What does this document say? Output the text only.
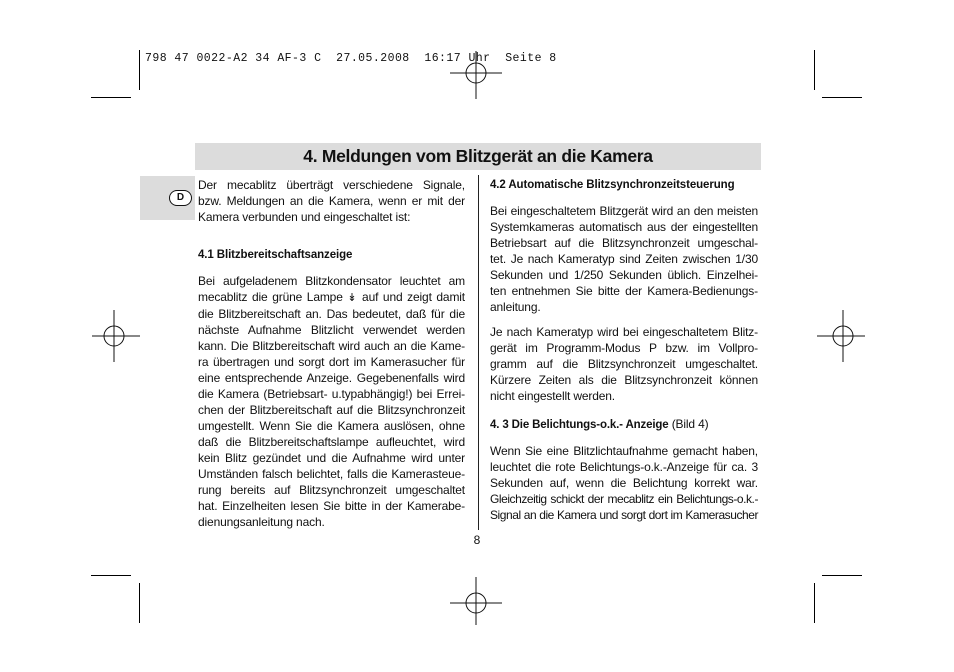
798 47 0022-A2 34 AF-3 C  27.05.2008  16:17 Uhr  Seite 8
4. Meldungen vom Blitzgerät an die Kamera
D

Der mecablitz überträgt verschiedene Signale,

bzw. Meldungen an die Kamera, wenn er mit der

Kamera verbunden und eingeschaltet ist:

4.1 Blitzbereitschaftsanzeige

Bei aufgeladenem Blitzkondensator leuchtet am

mecablitz die grüne Lampe ↡ auf und zeigt damit

die Blitzbereitschaft an. Das bedeutet, daß für die

nächste Aufnahme Blitzlicht verwendet werden

kann. Die Blitzbereitschaft wird auch an die Kame-

ra übertragen und sorgt dort im Kamerasucher für

eine entsprechende Anzeige. Gegebenenfalls wird

die Kamera (Betriebsart- u.typabhängig!) bei Errei-

chen der Blitzbereitschaft auf die Blitzsynchronzeit

umgestellt. Wenn Sie die Kamera auslösen, ohne

daß die Blitzbereitschaftslampe aufleuchtet, wird

kein Blitz gezündet und die Aufnahme wird unter

Umständen falsch belichtet, falls die Kamerasteue-

rung bereits auf Blitzsynchronzeit umgeschaltet

hat. Einzelheiten lesen Sie bitte in der Kamerabe-

dienungsanleitung nach.

4.2 Automatische Blitzsynchronzeitsteuerung

Bei eingeschaltetem Blitzgerät wird an den meisten

Systemkameras automatisch aus der eingestellten

Betriebsart auf die Blitzsynchronzeit umgeschal-

tet. Je nach Kameratyp sind Zeiten zwischen 1/30

Sekunden und 1/250 Sekunden üblich. Einzelhei-

ten entnehmen Sie bitte der Kamera-Bedienungs-

anleitung.

Je nach Kameratyp wird bei eingeschaltetem Blitz-

gerät im Programm-Modus P bzw. im Vollpro-

gramm auf die Blitzsynchronzeit umgeschaltet.

Kürzere Zeiten als die Blitzsynchronzeit können

nicht eingestellt werden.

4. 3 Die Belichtungs-o.k.- Anzeige (Bild 4)

Wenn Sie eine Blitzlichtaufnahme gemacht haben,

leuchtet die rote Belichtungs-o.k.-Anzeige für ca. 3

Sekunden auf, wenn die Belichtung korrekt war.

Gleichzeitig schickt der mecablitz ein Belichtungs-o.k.-

Signal an die Kamera und sorgt dort im Kamerasucher

8
